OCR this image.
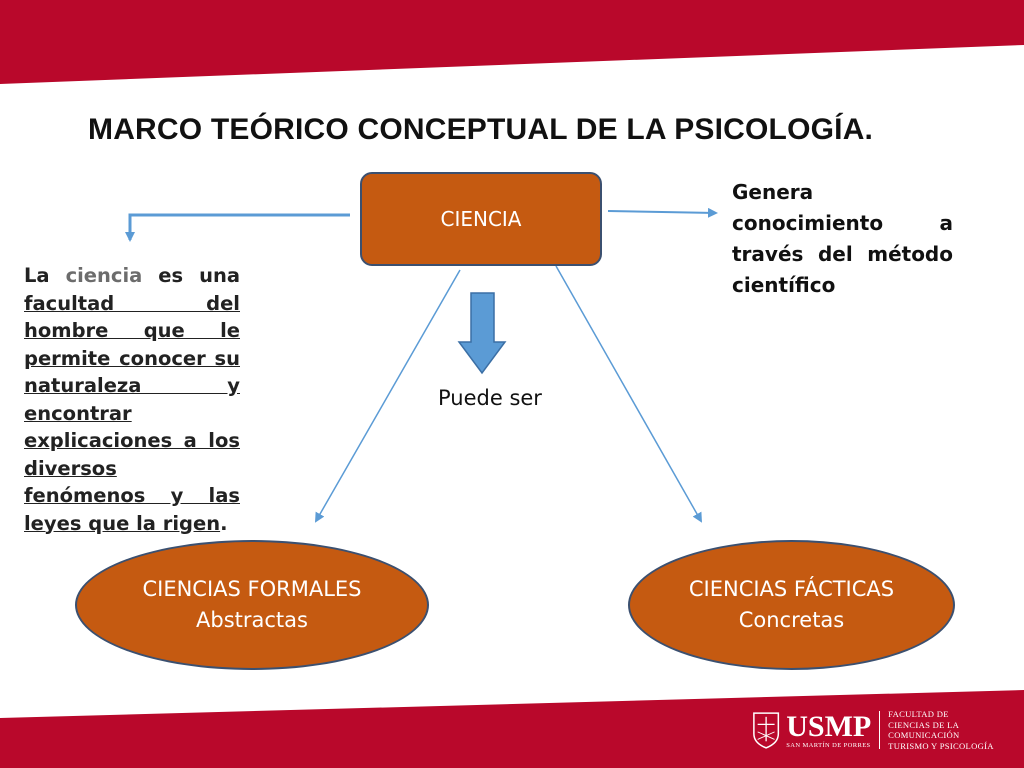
MARCO TEÓRICO CONCEPTUAL DE LA PSICOLOGÍA.
CIENCIA
La ciencia es una facultad del hombre que le permite conocer su naturaleza y encontrar explicaciones a los diversos fenómenos y las leyes que la rigen.
Genera conocimiento a través del método científico
Puede ser
CIENCIAS FORMALES
Abstractas
CIENCIAS FÁCTICAS
Concretas
USMP
SAN MARTÍN DE PORRES
FACULTAD DE
CIENCIAS DE LA COMUNICACIÓN
TURISMO Y PSICOLOGÍA
